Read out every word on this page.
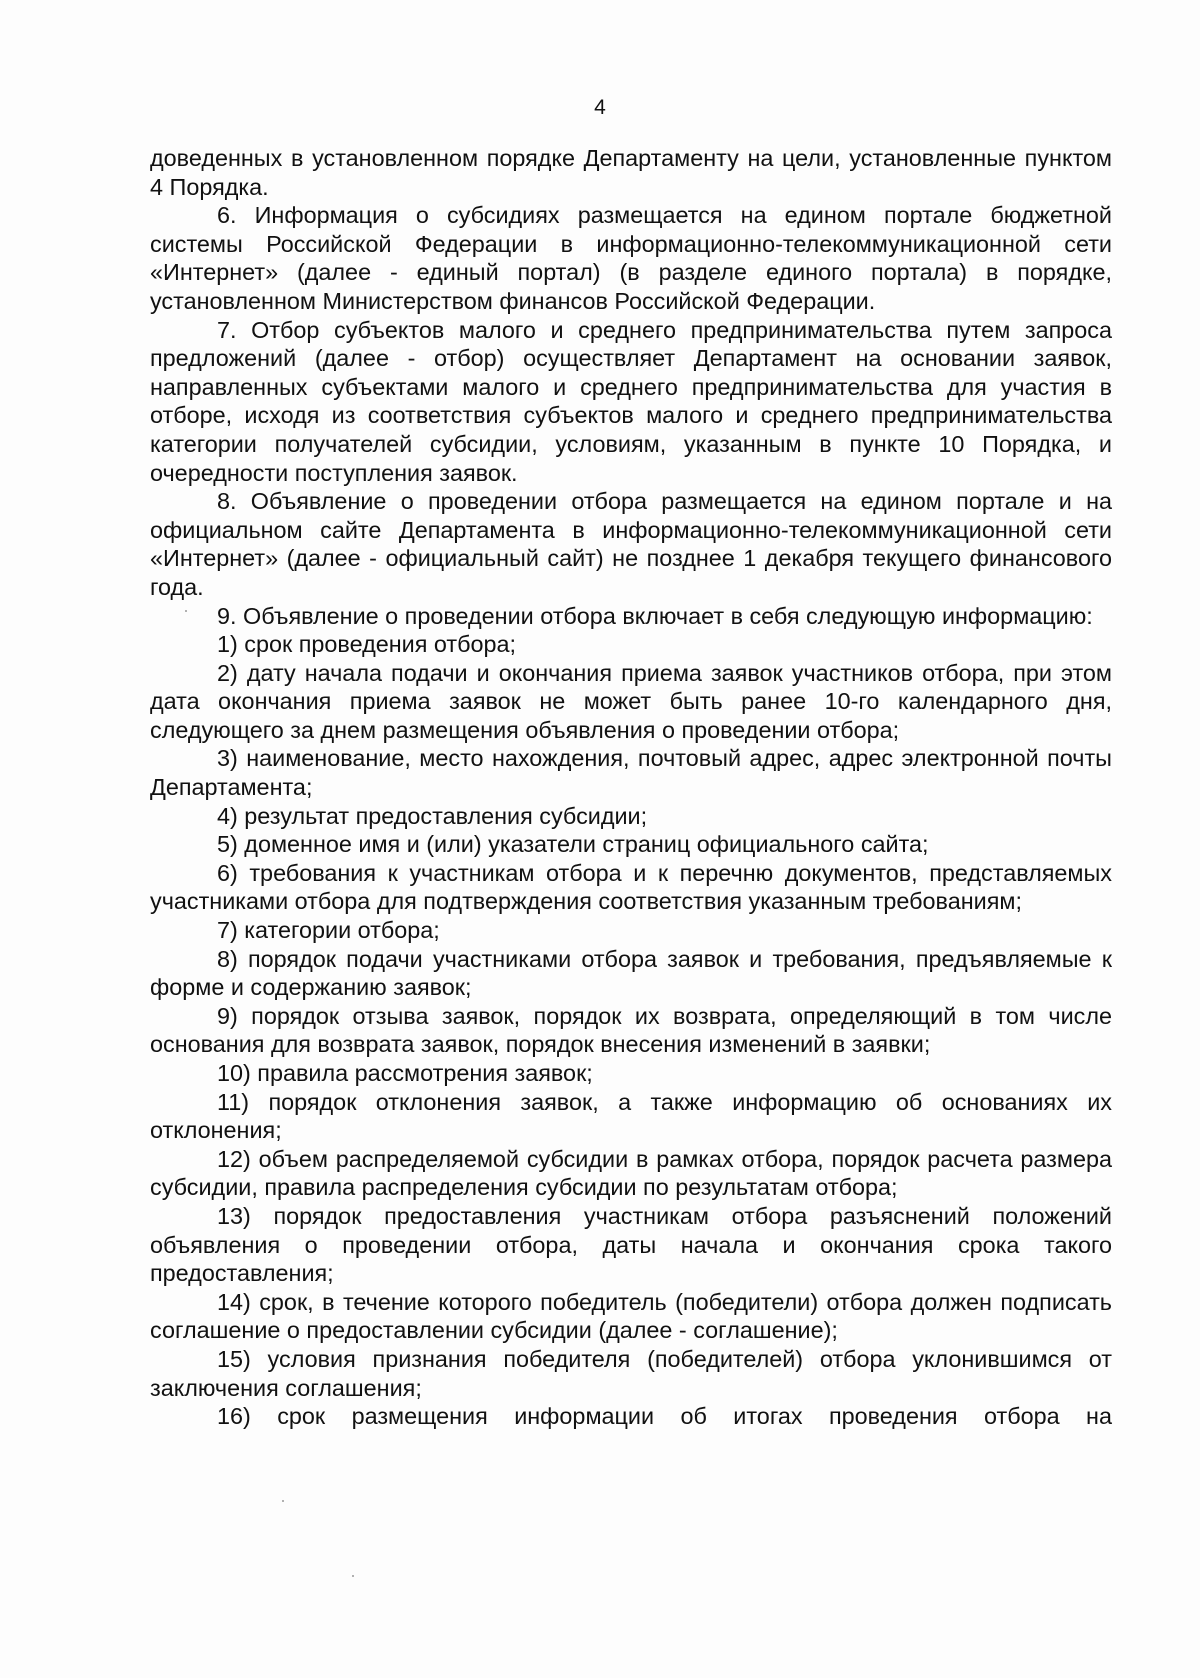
4

доведенных в установленном порядке Департаменту на цели, установленные пунктом 4 Порядка.

6. Информация о субсидиях размещается на едином портале бюджетной системы Российской Федерации в информационно-телекоммуникационной сети «Интернет» (далее - единый портал) (в разделе единого портала) в порядке, установленном Министерством финансов Российской Федерации.

7. Отбор субъектов малого и среднего предпринимательства путем запроса предложений (далее - отбор) осуществляет Департамент на основании заявок, направленных субъектами малого и среднего предпринимательства для участия в отборе, исходя из соответствия субъектов малого и среднего предпринимательства категории получателей субсидии, условиям, указанным в пункте 10 Порядка, и очередности поступления заявок.

8. Объявление о проведении отбора размещается на едином портале и на официальном сайте Департамента в информационно-телекоммуникационной сети «Интернет» (далее - официальный сайт) не позднее 1 декабря текущего финансового года.

9. Объявление о проведении отбора включает в себя следующую информацию:

1) срок проведения отбора;

2) дату начала подачи и окончания приема заявок участников отбора, при этом дата окончания приема заявок не может быть ранее 10-го календарного дня, следующего за днем размещения объявления о проведении отбора;

3) наименование, место нахождения, почтовый адрес, адрес электронной почты Департамента;

4) результат предоставления субсидии;

5) доменное имя и (или) указатели страниц официального сайта;

6) требования к участникам отбора и к перечню документов, представляемых участниками отбора для подтверждения соответствия указанным требованиям;

7) категории отбора;

8) порядок подачи участниками отбора заявок и требования, предъявляемые к форме и содержанию заявок;

9) порядок отзыва заявок, порядок их возврата, определяющий в том числе основания для возврата заявок, порядок внесения изменений в заявки;

10) правила рассмотрения заявок;

11) порядок отклонения заявок, а также информацию об основаниях их отклонения;

12) объем распределяемой субсидии в рамках отбора, порядок расчета размера субсидии, правила распределения субсидии по результатам отбора;

13) порядок предоставления участникам отбора разъяснений положений объявления о проведении отбора, даты начала и окончания срока такого предоставления;

14) срок, в течение которого победитель (победители) отбора должен подписать соглашение о предоставлении субсидии (далее - соглашение);

15) условия признания победителя (победителей) отбора уклонившимся от заключения соглашения;

16) срок размещения информации об итогах проведения отбора на
